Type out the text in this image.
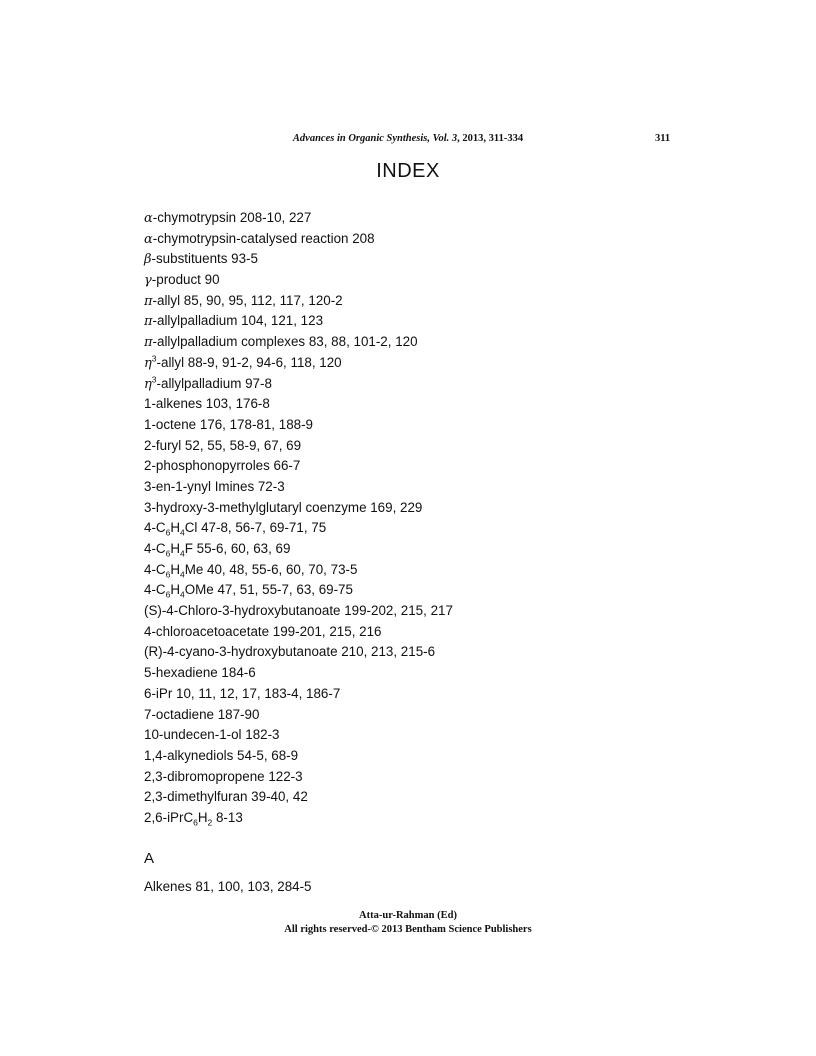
Advances in Organic Synthesis, Vol. 3, 2013, 311-334	311
INDEX
α-chymotrypsin 208-10, 227
α-chymotrypsin-catalysed reaction 208
β-substituents 93-5
γ-product 90
π-allyl 85, 90, 95, 112, 117, 120-2
π-allylpalladium 104, 121, 123
π-allylpalladium complexes 83, 88, 101-2, 120
$\eta^3$-allyl 88-9, 91-2, 94-6, 118, 120
$\eta^3$-allylpalladium 97-8
1-alkenes 103, 176-8
1-octene 176, 178-81, 188-9
2-furyl 52, 55, 58-9, 67, 69
2-phosphonopyrroles 66-7
3-en-1-ynyl Imines 72-3
3-hydroxy-3-methylglutaryl coenzyme 169, 229
$4-C_6H_4Cl$ 47-8, 56-7, 69-71, 75
$4-C_6H_4F$ 55-6, 60, 63, 69
$4-C_6H_4Me$ 40, 48, 55-6, 60, 70, 73-5
$4-C_6H_4OMe$ 47, 51, 55-7, 63, 69-75
(S)-4-Chloro-3-hydroxybutanoate 199-202, 215, 217
4-chloroacetoacetate 199-201, 215, 216
(R)-4-cyano-3-hydroxybutanoate 210, 213, 215-6
5-hexadiene 184-6
6-iPr 10, 11, 12, 17, 183-4, 186-7
7-octadiene 187-90
10-undecen-1-ol 182-3
1,4-alkynediols 54-5, 68-9
2,3-dibromopropene 122-3
2,3-dimethylfuran 39-40, 42
$2,6-iPrC_6H_2$ 8-13
A
Alkenes 81, 100, 103, 284-5
Atta-ur-Rahman (Ed)
All rights reserved-© 2013 Bentham Science Publishers
